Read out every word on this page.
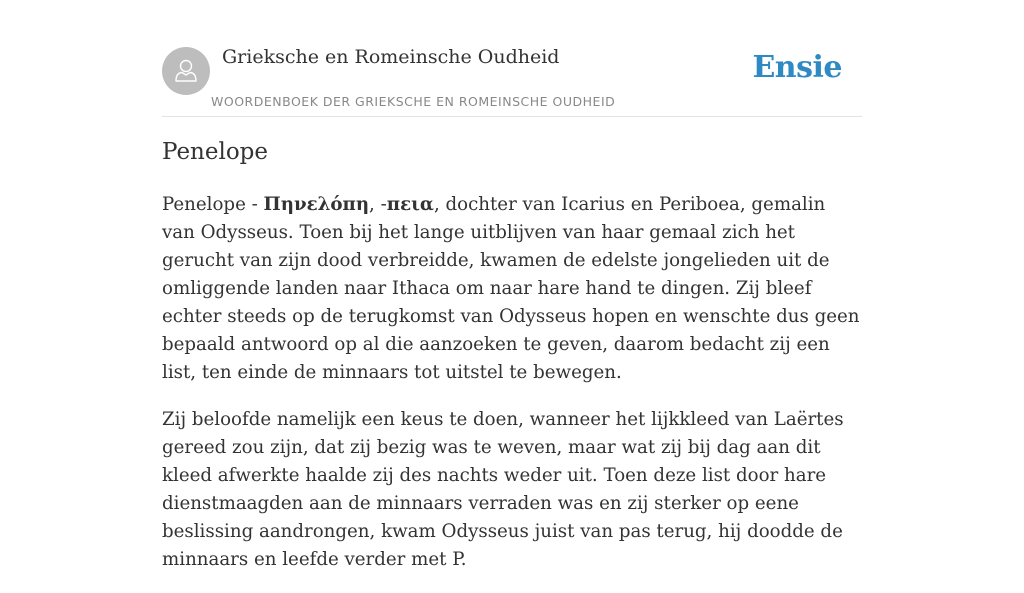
Grieksche en Romeinsche Oudheid
WOORDENBOEK DER GRIEKSCHE EN ROMEINSCHE OUDHEID
Ensie
Penelope

Penelope - Πηνελόπη, -πεια, dochter van Icarius en Periboea, gemalin van Odysseus. Toen bij het lange uitblijven van haar gemaal zich het gerucht van zijn dood verbreidde, kwamen de edelste jongelieden uit de omliggende landen naar Ithaca om naar hare hand te dingen. Zij bleef echter steeds op de terugkomst van Odysseus hopen en wenschte dus geen bepaald antwoord op al die aanzoeken te geven, daarom bedacht zij een list, ten einde de minnaars tot uitstel te bewegen.

Zij beloofde namelijk een keus te doen, wanneer het lijkkleed van Laërtes gereed zou zijn, dat zij bezig was te weven, maar wat zij bij dag aan dit kleed afwerkte haalde zij des nachts weder uit. Toen deze list door hare dienstmaagden aan de minnaars verraden was en zij sterker op eene beslissing aandrongen, kwam Odysseus juist van pas terug, hij doodde de minnaars en leefde verder met P.
